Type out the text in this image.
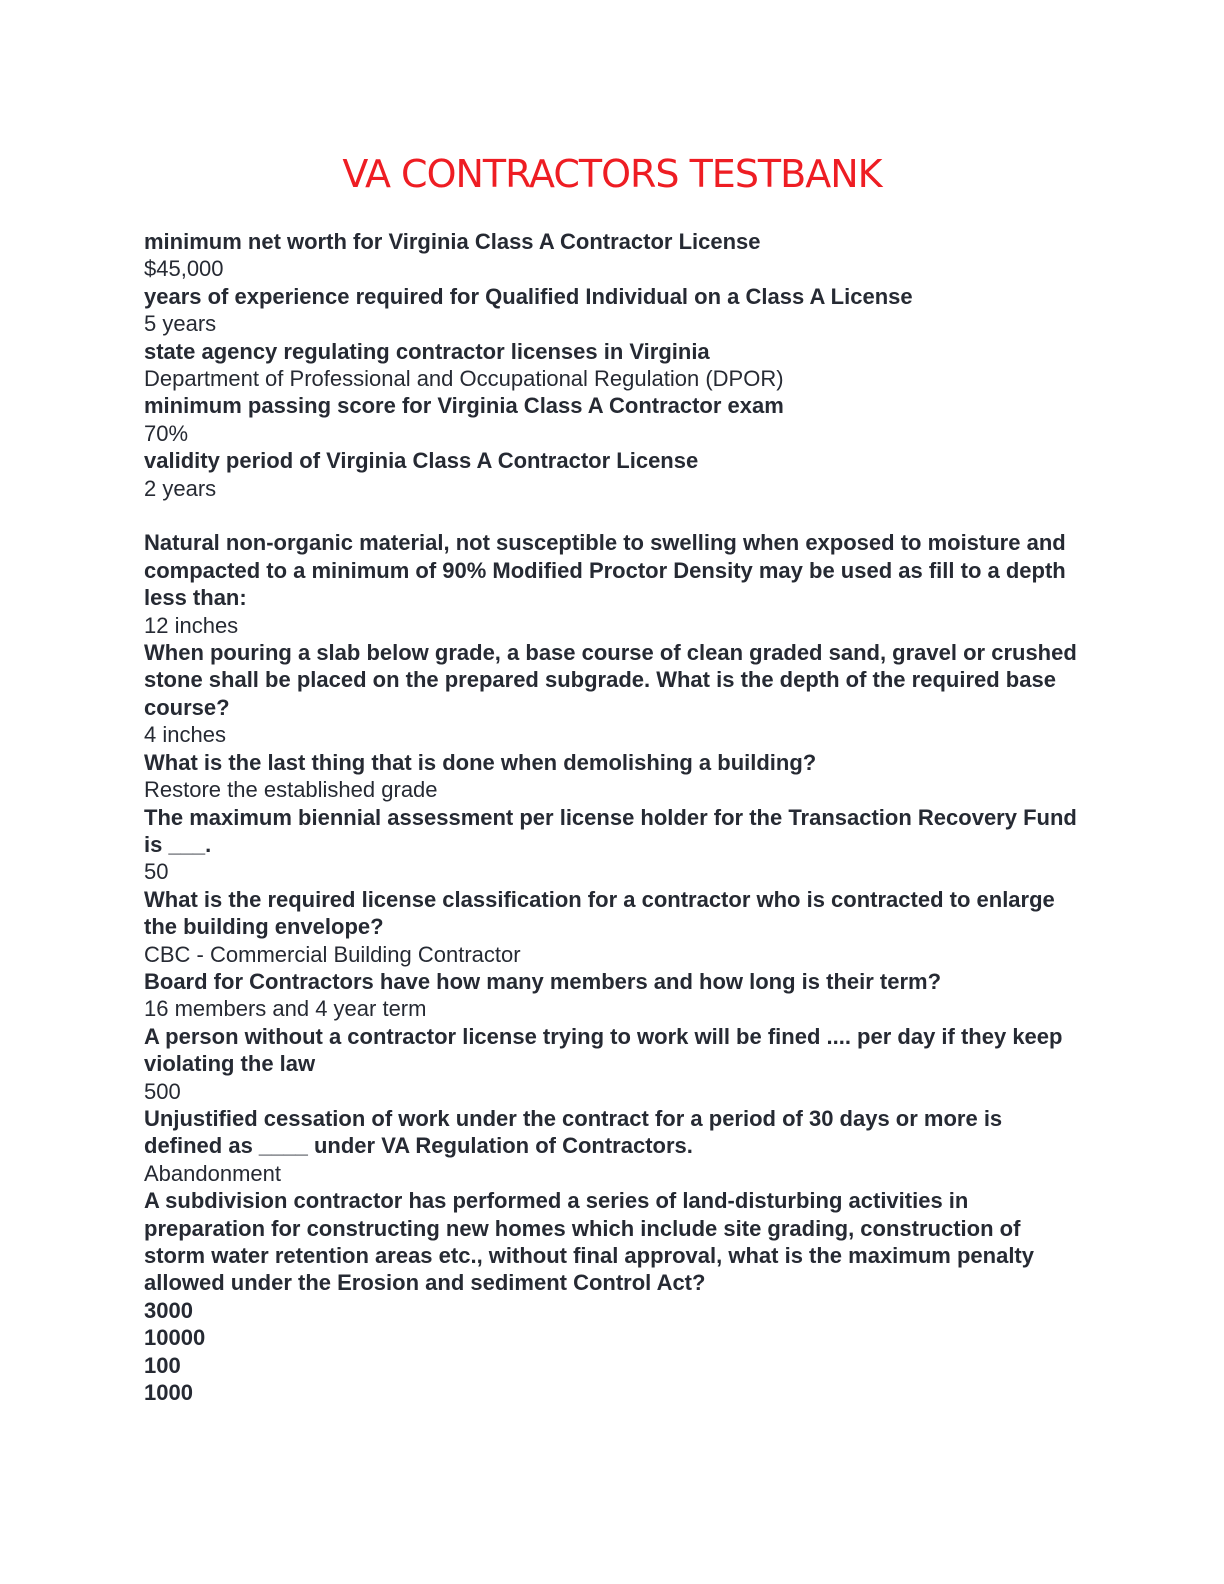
VA CONTRACTORS TESTBANK

minimum net worth for Virginia Class A Contractor License

$45,000

years of experience required for Qualified Individual on a Class A License

5 years

state agency regulating contractor licenses in Virginia

Department of Professional and Occupational Regulation (DPOR)

minimum passing score for Virginia Class A Contractor exam

70%

validity period of Virginia Class A Contractor License

2 years

Natural non-organic material, not susceptible to swelling when exposed to moisture and compacted to a minimum of 90% Modified Proctor Density may be used as fill to a depth less than:

12 inches

When pouring a slab below grade, a base course of clean graded sand, gravel or crushed stone shall be placed on the prepared subgrade. What is the depth of the required base course?

4 inches

What is the last thing that is done when demolishing a building?

Restore the established grade

The maximum biennial assessment per license holder for the Transaction Recovery Fund is ___.

50

What is the required license classification for a contractor who is contracted to enlarge the building envelope?

CBC - Commercial Building Contractor

Board for Contractors have how many members and how long is their term?

16 members and 4 year term

A person without a contractor license trying to work will be fined .... per day if they keep violating the law

500

Unjustified cessation of work under the contract for a period of 30 days or more is defined as ____ under VA Regulation of Contractors.

Abandonment

A subdivision contractor has performed a series of land-disturbing activities in preparation for constructing new homes which include site grading, construction of storm water retention areas etc., without final approval, what is the maximum penalty allowed under the Erosion and sediment Control Act?

3000

10000

100

1000
